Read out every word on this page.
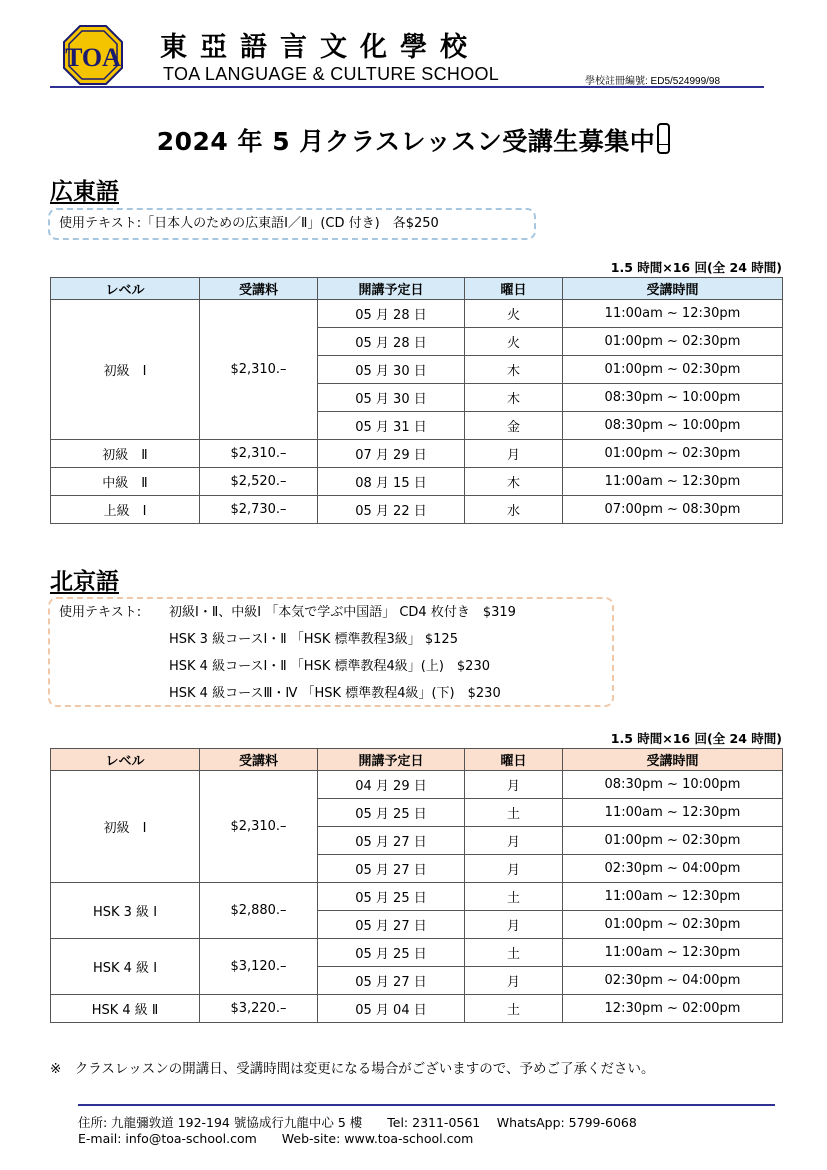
TOA 東亞語言文化學校
TOA LANGUAGE & CULTURE SCHOOL	學校註冊編號: ED5/524999/98
2024 年 5 月クラスレッスン受講生募集中
広東語
使用テキスト:「日本人のための広東語Ⅰ／Ⅱ」(CD 付き)　各$250
1.5 時間×16 回(全 24 時間)
レベル	受講料	開講予定日	曜日	受講時間
初級　Ⅰ	$2,310.–	05 月 28 日	火	11:00am ~ 12:30pm
		05 月 28 日	火	01:00pm ~ 02:30pm
		05 月 30 日	木	01:00pm ~ 02:30pm
		05 月 30 日	木	08:30pm ~ 10:00pm
		05 月 31 日	金	08:30pm ~ 10:00pm
初級　Ⅱ	$2,310.–	07 月 29 日	月	01:00pm ~ 02:30pm
中級　Ⅱ	$2,520.–	08 月 15 日	木	11:00am ~ 12:30pm
上級　Ⅰ	$2,730.–	05 月 22 日	水	07:00pm ~ 08:30pm
北京語
使用テキスト: 初級Ⅰ・Ⅱ、中級Ⅰ 「本気で学ぶ中国語」 CD4 枚付き　$319
HSK 3 級コースⅠ・Ⅱ 「HSK 標準教程3級」 $125
HSK 4 級コースⅠ・Ⅱ 「HSK 標準教程4級」(上)　$230
HSK 4 級コースⅢ・Ⅳ 「HSK 標準教程4級」(下)　$230
1.5 時間×16 回(全 24 時間)
レベル	受講料	開講予定日	曜日	受講時間
初級　Ⅰ	$2,310.–	04 月 29 日	月	08:30pm ~ 10:00pm
		05 月 25 日	土	11:00am ~ 12:30pm
		05 月 27 日	月	01:00pm ~ 02:30pm
		05 月 27 日	月	02:30pm ~ 04:00pm
HSK 3 級 Ⅰ	$2,880.–	05 月 25 日	土	11:00am ~ 12:30pm
		05 月 27 日	月	01:00pm ~ 02:30pm
HSK 4 級 Ⅰ	$3,120.–	05 月 25 日	土	11:00am ~ 12:30pm
		05 月 27 日	月	02:30pm ~ 04:00pm
HSK 4 級 Ⅱ	$3,220.–	05 月 04 日	土	12:30pm ~ 02:00pm
※　クラスレッスンの開講日、受講時間は変更になる場合がございますので、予めご了承ください。
住所: 九龍彌敦道 192-194 號協成行九龍中心 5 樓　　Tel: 2311-0561　 WhatsApp: 5799-6068
E-mail: info@toa-school.com　　Web-site: www.toa-school.com
